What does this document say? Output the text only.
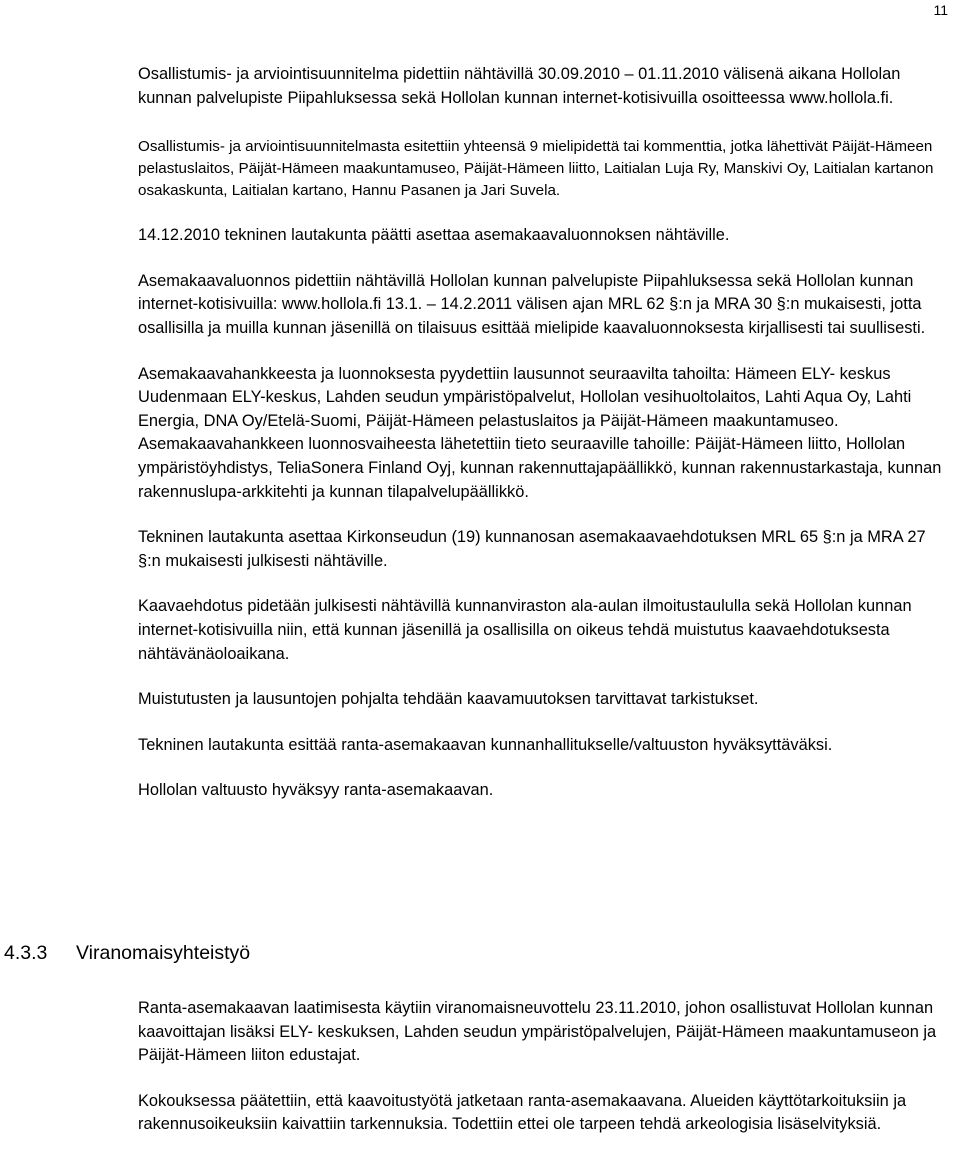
11

Osallistumis- ja arviointisuunnitelma pidettiin nähtävillä 30.09.2010 – 01.11.2010 välisenä aikana Hollolan kunnan palvelupiste Piipahluksessa sekä Hollolan kunnan internet-kotisivuilla osoitteessa www.hollola.fi.

Osallistumis- ja arviointisuunnitelmasta esitettiin yhteensä 9 mielipidettä tai kommenttia, jotka lähettivät Päijät-Hämeen pelastuslaitos, Päijät-Hämeen maakuntamuseo, Päijät-Hämeen liitto, Laitialan Luja Ry, Manskivi Oy, Laitialan kartanon osakaskunta, Laitialan kartano, Hannu Pasanen ja Jari Suvela.

14.12.2010 tekninen lautakunta päätti asettaa asemakaavaluonnoksen nähtäville.

Asemakaavaluonnos pidettiin nähtävillä Hollolan kunnan palvelupiste Piipahluksessa sekä Hollolan kunnan internet-kotisivuilla: www.hollola.fi 13.1. – 14.2.2011 välisen ajan MRL 62 §:n ja MRA 30 §:n mukaisesti, jotta osallisilla ja muilla kunnan jäsenillä on tilaisuus esittää mielipide kaavaluonnoksesta kirjallisesti tai suullisesti.

Asemakaavahankkeesta ja luonnoksesta pyydettiin lausunnot seuraavilta tahoilta: Hämeen ELY- keskus Uudenmaan ELY-keskus, Lahden seudun ympäristöpalvelut, Hollolan vesihuoltolaitos, Lahti Aqua Oy, Lahti Energia, DNA Oy/Etelä-Suomi, Päijät-Hämeen pelastuslaitos ja Päijät-Hämeen maakuntamuseo. Asemakaavahankkeen luonnosvaiheesta lähetettiin tieto seuraaville tahoille: Päijät-Hämeen liitto, Hollolan ympäristöyhdistys, TeliaSonera Finland Oyj, kunnan rakennuttajapäällikkö, kunnan rakennustarkastaja, kunnan rakennuslupa-arkkitehti ja kunnan tilapalvelupäällikkö.

Tekninen lautakunta asettaa Kirkonseudun (19) kunnanosan asemakaavaehdotuksen MRL 65 §:n ja MRA 27 §:n mukaisesti julkisesti nähtäville.

Kaavaehdotus pidetään julkisesti nähtävillä kunnanviraston ala-aulan ilmoitustaululla sekä Hollolan kunnan internet-kotisivuilla niin, että kunnan jäsenillä ja osallisilla on oikeus tehdä muistutus kaavaehdotuksesta nähtävänäoloaikana.

Muistutusten ja lausuntojen pohjalta tehdään kaavamuutoksen tarvittavat tarkistukset.

Tekninen lautakunta esittää ranta-asemakaavan kunnanhallitukselle/valtuuston hyväksyttäväksi.

Hollolan valtuusto hyväksyy ranta-asemakaavan.

4.3.3 Viranomaisyhteistyö

Ranta-asemakaavan laatimisesta käytiin viranomaisneuvottelu 23.11.2010, johon osallistuvat Hollolan kunnan kaavoittajan lisäksi ELY- keskuksen, Lahden seudun ympäristöpalvelujen, Päijät-Hämeen maakuntamuseon ja Päijät-Hämeen liiton edustajat.

Kokouksessa päätettiin, että kaavoitustyötä jatketaan ranta-asemakaavana. Alueiden käyttötarkoituksiin ja rakennusoikeuksiin kaivattiin tarkennuksia. Todettiin ettei ole tarpeen tehdä arkeologisia lisäselvityksiä.
